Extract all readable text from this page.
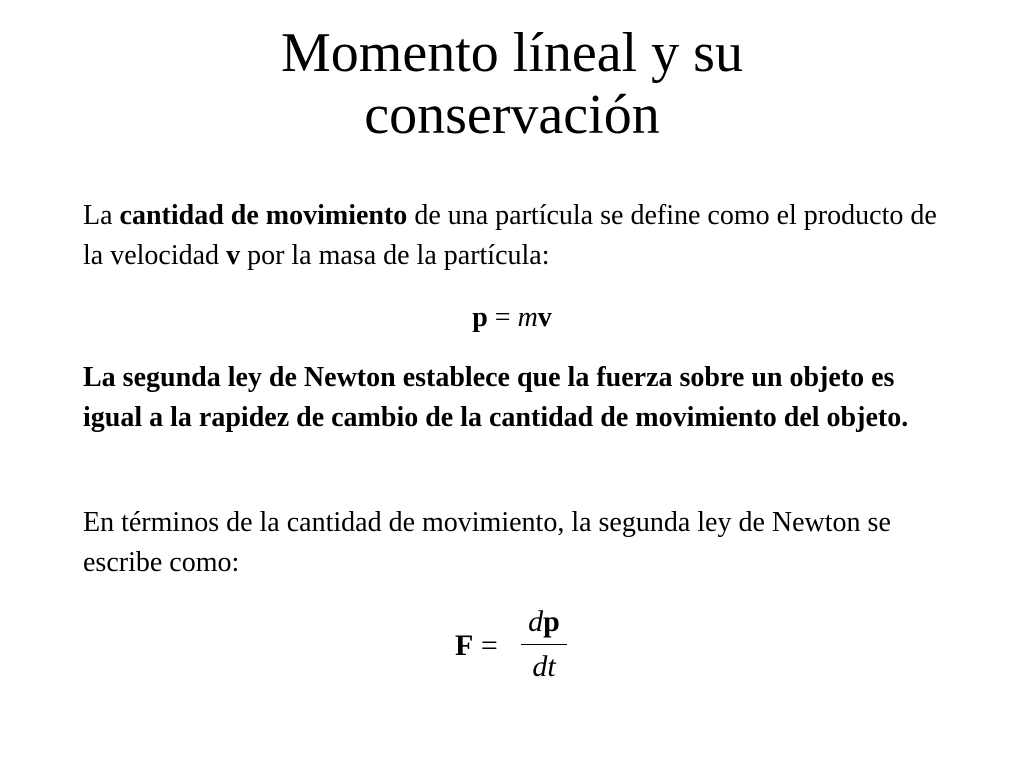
Momento líneal y su
conservación
La cantidad de movimiento de una partícula se define como el producto de la velocidad v por la masa de la partícula:
p = mv
La segunda ley de Newton establece que la fuerza sobre un objeto es igual a la rapidez de cambio de la cantidad de movimiento del objeto.
En términos de la cantidad de movimiento, la segunda ley de Newton se escribe como:
F =
dp
dt
